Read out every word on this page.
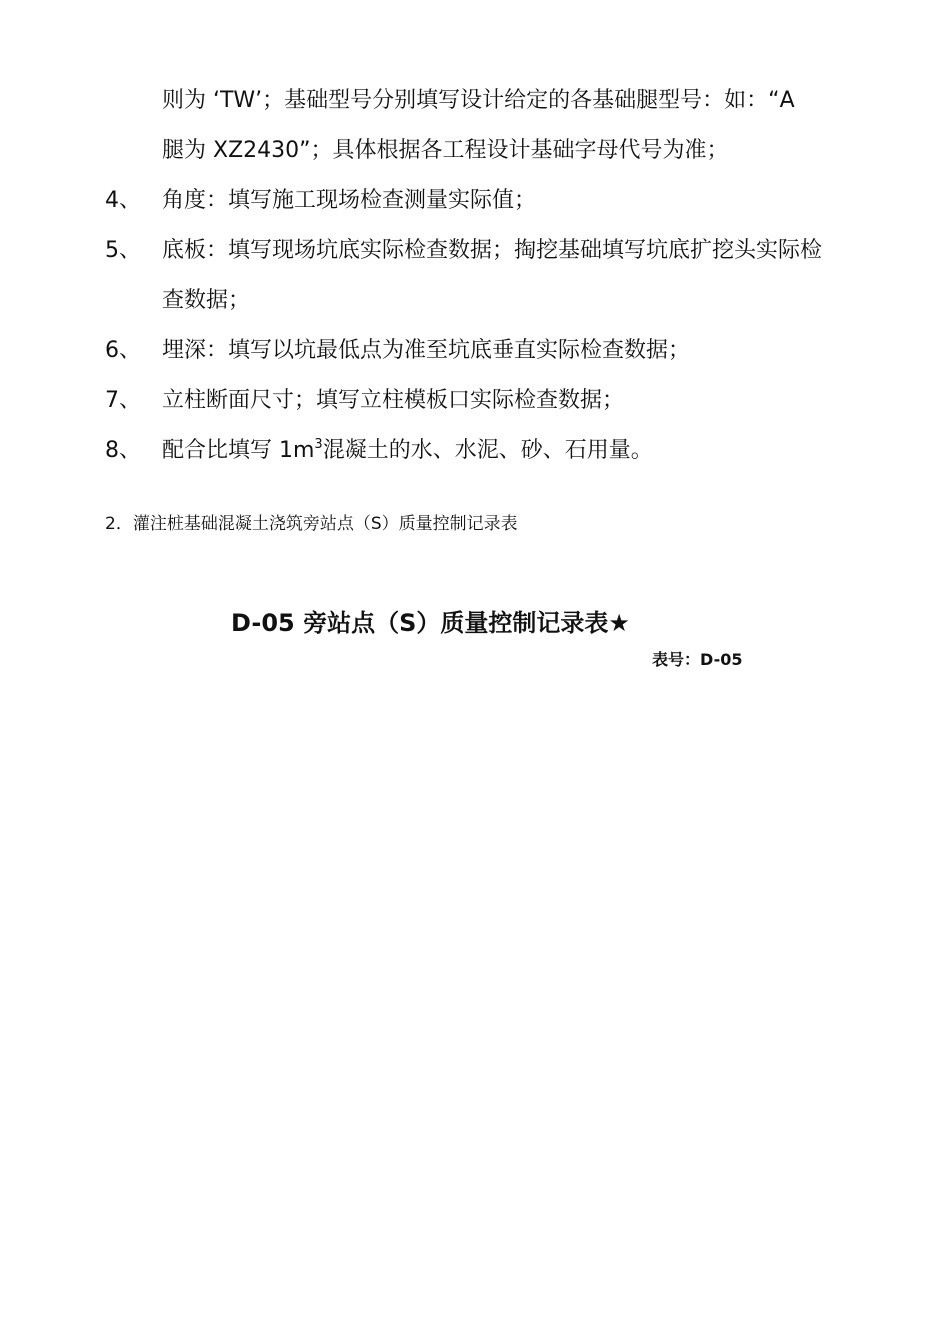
则为 ‘TW’；基础型号分别填写设计给定的各基础腿型号：如：“A
腿为 XZ2430”；具体根据各工程设计基础字母代号为准；
4、 角度：填写施工现场检查测量实际值；
5、 底板：填写现场坑底实际检查数据；掏挖基础填写坑底扩挖头实际检
查数据；
6、 埋深：填写以坑最低点为准至坑底垂直实际检查数据；
7、 立柱断面尺寸；填写立柱模板口实际检查数据；
8、 配合比填写 $1m^3$混凝土的水、水泥、砂、石用量。
2．灌注桩基础混凝土浇筑旁站点（S）质量控制记录表
D-05 旁站点（S）质量控制记录表★
表号：D-05
